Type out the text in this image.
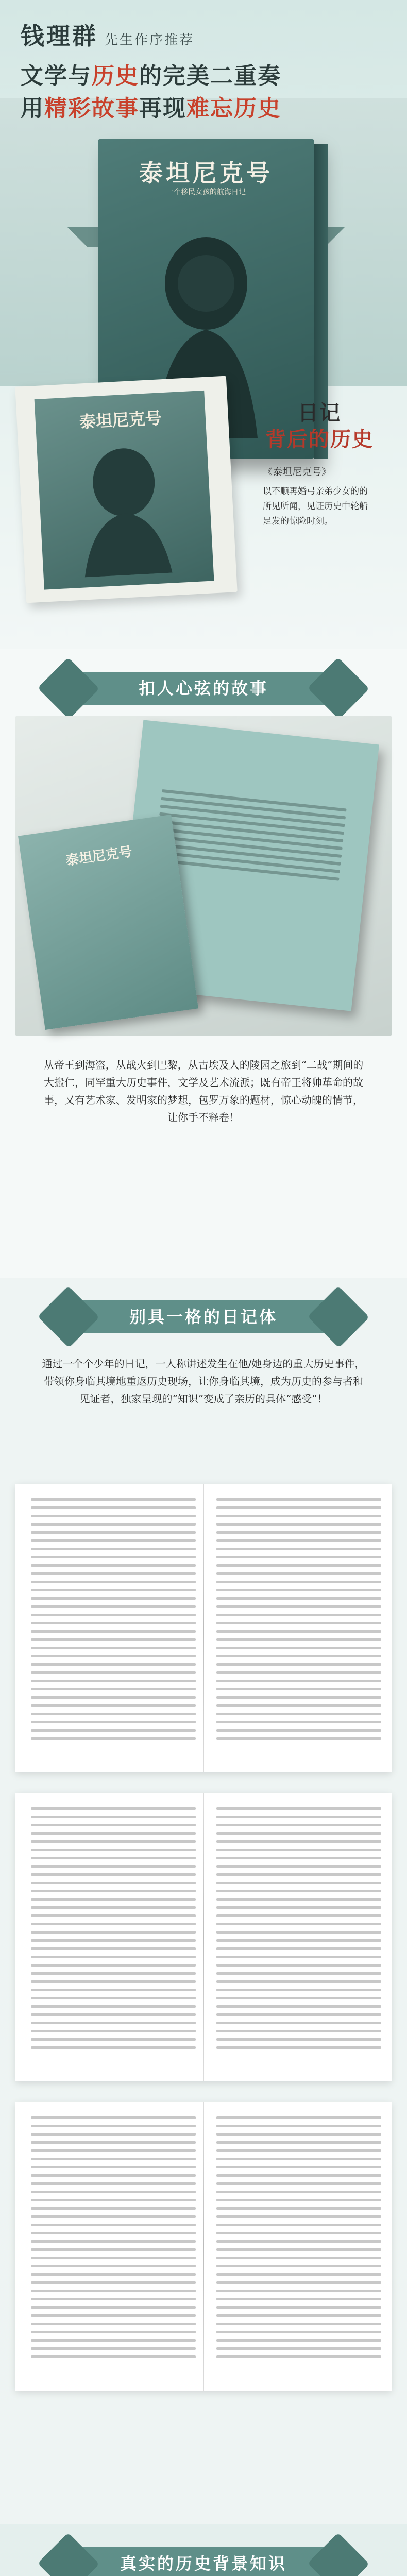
钱理群 先生作序推荐
文学与历史的完美二重奏
用精彩故事再现难忘历史
泰坦尼克号
一个移民女孩的航海日记
泰坦尼克号	日记
背后的历史
《泰坦尼克号》
以不顺再婚弓亲弟少女的的所见所闻，见证历史中轮船足发的惊险时刻。
扣人心弦的故事
泰坦尼克号
从帝王到海盗，从战火到巴黎，从古埃及人的陵园之旅到“二战”期间的大搬仁，同罕重大历史事件，文学及艺术流派；既有帝王将帅革命的故事，又有艺术家、发明家的梦想，包罗万象的题材，惊心动魄的情节，让你手不释卷！
别具一格的日记体
通过一个个少年的日记，一人称讲述发生在他/她身边的重大历史事件，带领你身临其境地重返历史现场，让你身临其境，成为历史的参与者和见证者，独家呈现的“知识”变成了亲历的具体“感受”！
真实的历史背景知识
